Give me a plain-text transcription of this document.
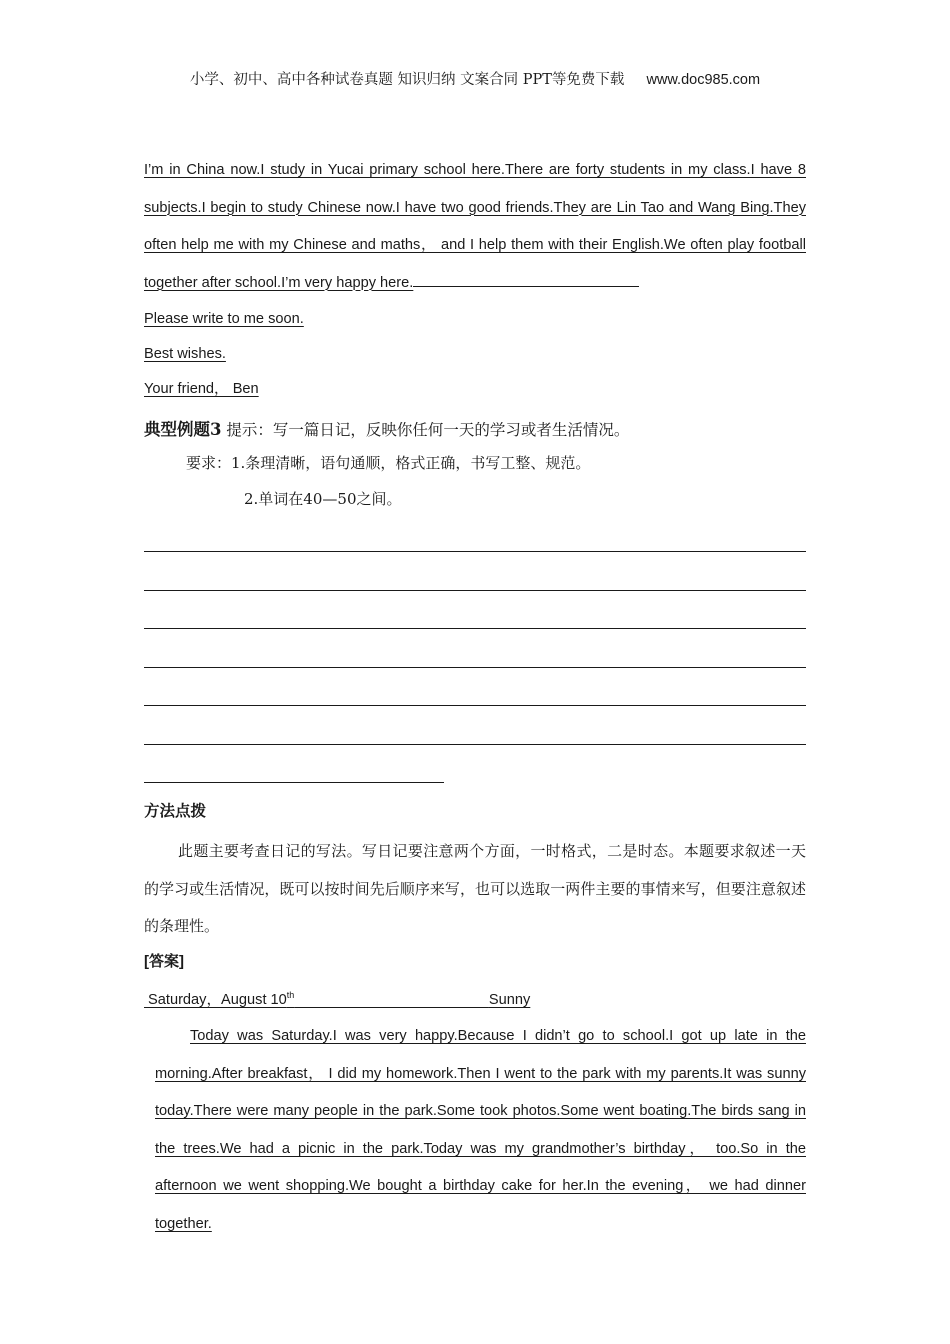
小学、初中、高中各种试卷真题 知识归纳 文案合同 PPT等免费下载 www.doc985.com

I’m in China now.I study in Yucai primary school here.There are forty students in my class.I have 8 subjects.I begin to study Chinese now.I have two good friends.They are Lin Tao and Wang Bing.They often help me with my Chinese and maths， and I help them with their English.We often play football together after school.I’m very happy here.

Please write to me soon.

Best wishes.

Your friend， Ben

典型例题3 提示：写一篇日记，反映你任何一天的学习或者生活情况。
要求：1.条理清晰，语句通顺，格式正确，书写工整、规范。
2.单词在40—50之间。
方法点拨
此题主要考查日记的写法。写日记要注意两个方面，一时格式，二是时态。本题要求叙述一天的学习或生活情况，既可以按时间先后顺序来写，也可以选取一两件主要的事情来写，但要注意叙述的条理性。
[答案]
Saturday，August 10th	Sunny
Today was Saturday.I was very happy.Because I didn’t go to school.I got up late in the morning.After breakfast， I did my homework.Then I went to the park with my parents.It was sunny today.There were many people in the park.Some took photos.Some went boating.The birds sang in the trees.We had a picnic in the park.Today was my grandmother’s birthday， too.So in the afternoon we went shopping.We bought a birthday cake for her.In the evening， we had dinner together.
